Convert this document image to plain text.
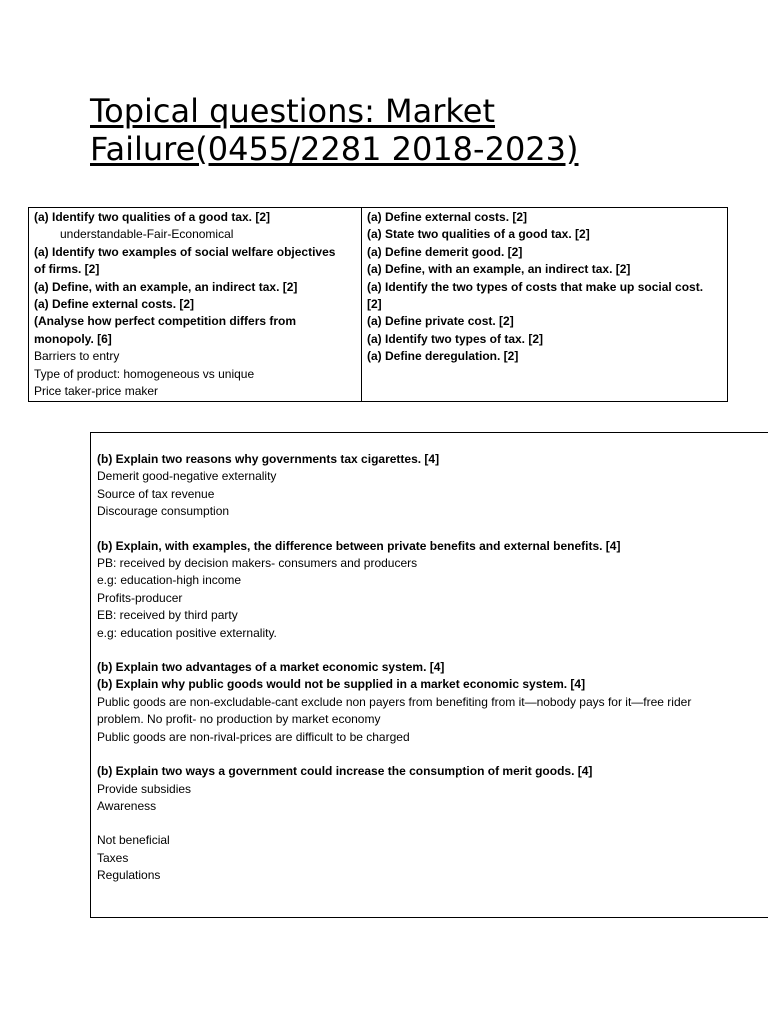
Topical questions: Market
Failure(0455/2281 2018-2023)
(a) Identify two qualities of a good tax. [2]
understandable-Fair-Economical
(a) Identify two examples of social welfare objectives
of firms. [2]
(a) Define, with an example, an indirect tax. [2]
(a) Define external costs. [2]
(Analyse how perfect competition differs from
monopoly. [6]
Barriers to entry
Type of product: homogeneous vs unique
Price taker-price maker
(a) Define external costs. [2]
(a) State two qualities of a good tax. [2]
(a) Define demerit good. [2]
(a) Define, with an example, an indirect tax. [2]
(a) Identify the two types of costs that make up social cost.
[2]
(a) Define private cost. [2]
(a) Identify two types of tax. [2]
(a) Define deregulation. [2]
(b) Explain two reasons why governments tax cigarettes. [4]
Demerit good-negative externality
Source of tax revenue
Discourage consumption

(b) Explain, with examples, the difference between private benefits and external benefits. [4]
PB: received by decision makers- consumers and producers
e.g: education-high income
Profits-producer
EB: received by third party
e.g: education positive externality.

(b) Explain two advantages of a market economic system. [4]
(b) Explain why public goods would not be supplied in a market economic system. [4]
Public goods are non-excludable-cant exclude non payers from benefiting from it—nobody pays for it—free rider
problem. No profit- no production by market economy
Public goods are non-rival-prices are difficult to be charged

(b) Explain two ways a government could increase the consumption of merit goods. [4]
Provide subsidies
Awareness

Not beneficial
Taxes
Regulations
